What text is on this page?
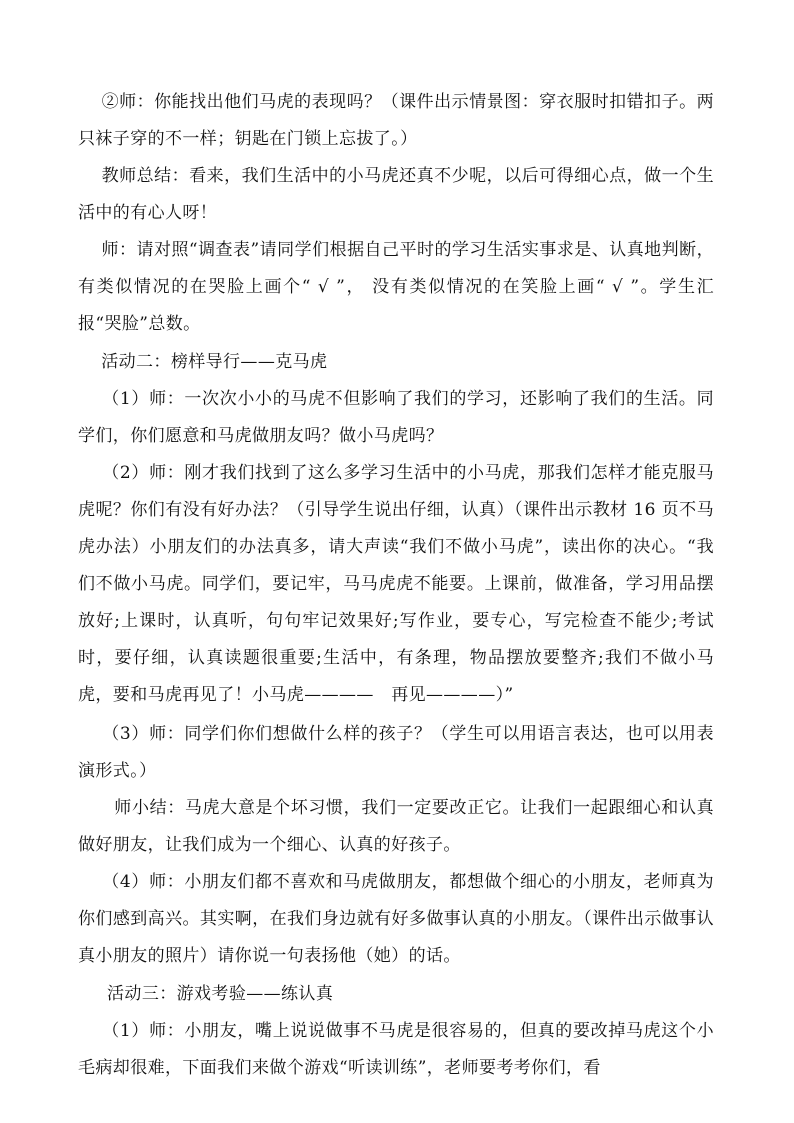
②师：你能找出他们马虎的表现吗？（课件出示情景图：穿衣服时扣错扣子。两只袜子穿的不一样；钥匙在门锁上忘拔了。）

教师总结：看来，我们生活中的小马虎还真不少呢，以后可得细心点，做一个生活中的有心人呀！

师：请对照“调查表”请同学们根据自己平时的学习生活实事求是、认真地判断，有类似情况的在哭脸上画个“ √ ”， 没有类似情况的在笑脸上画“ √ ”。学生汇报“哭脸”总数。

活动二：榜样导行——克马虎

（1）师：一次次小小的马虎不但影响了我们的学习，还影响了我们的生活。同学们，你们愿意和马虎做朋友吗？做小马虎吗？

（2）师：刚才我们找到了这么多学习生活中的小马虎，那我们怎样才能克服马虎呢？你们有没有好办法？（引导学生说出仔细，认真）（课件出示教材 16 页不马虎办法）小朋友们的办法真多，请大声读“我们不做小马虎”，读出你的决心。“我们不做小马虎。同学们，要记牢，马马虎虎不能要。上课前，做准备，学习用品摆放好;上课时，认真听，句句牢记效果好;写作业，要专心，写完检查不能少;考试时，要仔细，认真读题很重要;生活中，有条理，物品摆放要整齐;我们不做小马虎，要和马虎再见了！小马虎————   再见————）”

（3）师：同学们你们想做什么样的孩子？（学生可以用语言表达，也可以用表演形式。）

师小结：马虎大意是个坏习惯，我们一定要改正它。让我们一起跟细心和认真做好朋友，让我们成为一个细心、认真的好孩子。

（4）师：小朋友们都不喜欢和马虎做朋友，都想做个细心的小朋友，老师真为你们感到高兴。其实啊，在我们身边就有好多做事认真的小朋友。（课件出示做事认真小朋友的照片）请你说一句表扬他（她）的话。

活动三：游戏考验——练认真

（1）师：小朋友，嘴上说说做事不马虎是很容易的，但真的要改掉马虎这个小毛病却很难，下面我们来做个游戏“听读训练”，老师要考考你们，看
